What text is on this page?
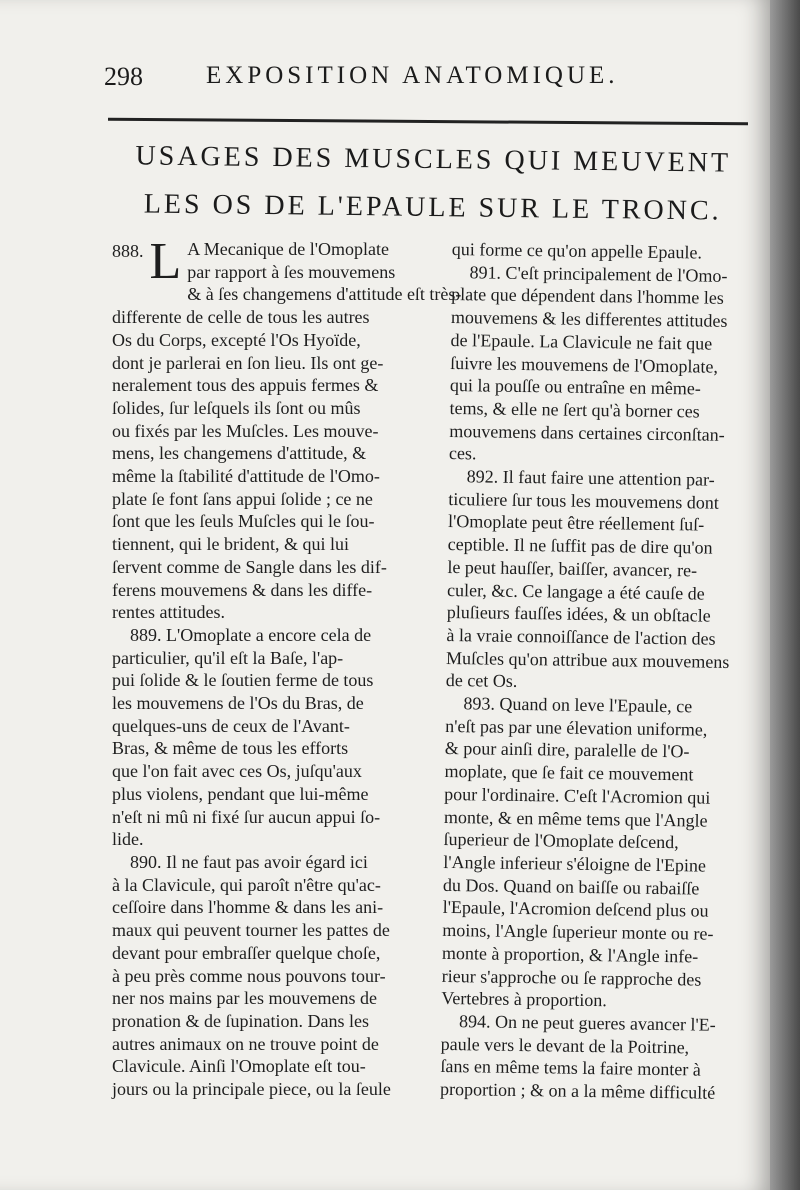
298	EXPOSITION ANATOMIQUE.
USAGES DES MUSCLES QUI MEUVENT
LES OS DE L'EPAULE SUR LE TRONC.
888. L A Mecanique de l'Omoplate
par rapport à ſes mouvemens
& à ſes changemens d'attitude eſt très-
differente de celle de tous les autres
Os du Corps, excepté l'Os Hyoïde,
dont je parlerai en ſon lieu. Ils ont ge-
neralement tous des appuis fermes &
ſolides, ſur leſquels ils ſont ou mûs
ou fixés par les Muſcles. Les mouve-
mens, les changemens d'attitude, &
même la ſtabilité d'attitude de l'Omo-
plate ſe font ſans appui ſolide ; ce ne
ſont que les ſeuls Muſcles qui le ſou-
tiennent, qui le brident, & qui lui
ſervent comme de Sangle dans les dif-
ferens mouvemens & dans les diffe-
rentes attitudes.
889. L'Omoplate a encore cela de
particulier, qu'il eſt la Baſe, l'ap-
pui ſolide & le ſoutien ferme de tous
les mouvemens de l'Os du Bras, de
quelques-uns de ceux de l'Avant-
Bras, & même de tous les efforts
que l'on fait avec ces Os, juſqu'aux
plus violens, pendant que lui-même
n'eſt ni mû ni fixé ſur aucun appui ſo-
lide.
890. Il ne faut pas avoir égard ici
à la Clavicule, qui paroît n'être qu'ac-
ceſſoire dans l'homme & dans les ani-
maux qui peuvent tourner les pattes de
devant pour embraſſer quelque choſe,
à peu près comme nous pouvons tour-
ner nos mains par les mouvemens de
pronation & de ſupination. Dans les
autres animaux on ne trouve point de
Clavicule. Ainſi l'Omoplate eſt tou-
jours ou la principale piece, ou la ſeule
qui forme ce qu'on appelle Epaule.
891. C'eſt principalement de l'Omo-
plate que dépendent dans l'homme les
mouvemens & les differentes attitudes
de l'Epaule. La Clavicule ne fait que
ſuivre les mouvemens de l'Omoplate,
qui la pouſſe ou entraîne en même-
tems, & elle ne ſert qu'à borner ces
mouvemens dans certaines circonſtan-
ces.
892. Il faut faire une attention par-
ticuliere ſur tous les mouvemens dont
l'Omoplate peut être réellement ſuſ-
ceptible. Il ne ſuffit pas de dire qu'on
le peut hauſſer, baiſſer, avancer, re-
culer, &c. Ce langage a été cauſe de
pluſieurs fauſſes idées, & un obſtacle
à la vraie connoiſſance de l'action des
Muſcles qu'on attribue aux mouvemens
de cet Os.
893. Quand on leve l'Epaule, ce
n'eſt pas par une élevation uniforme,
& pour ainſi dire, paralelle de l'O-
moplate, que ſe fait ce mouvement
pour l'ordinaire. C'eſt l'Acromion qui
monte, & en même tems que l'Angle
ſuperieur de l'Omoplate deſcend,
l'Angle inferieur s'éloigne de l'Epine
du Dos. Quand on baiſſe ou rabaiſſe
l'Epaule, l'Acromion deſcend plus ou
moins, l'Angle ſuperieur monte ou re-
monte à proportion, & l'Angle infe-
rieur s'approche ou ſe rapproche des
Vertebres à proportion.
894. On ne peut gueres avancer l'E-
paule vers le devant de la Poitrine,
ſans en même tems la faire monter à
proportion ; & on a la même difficulté
